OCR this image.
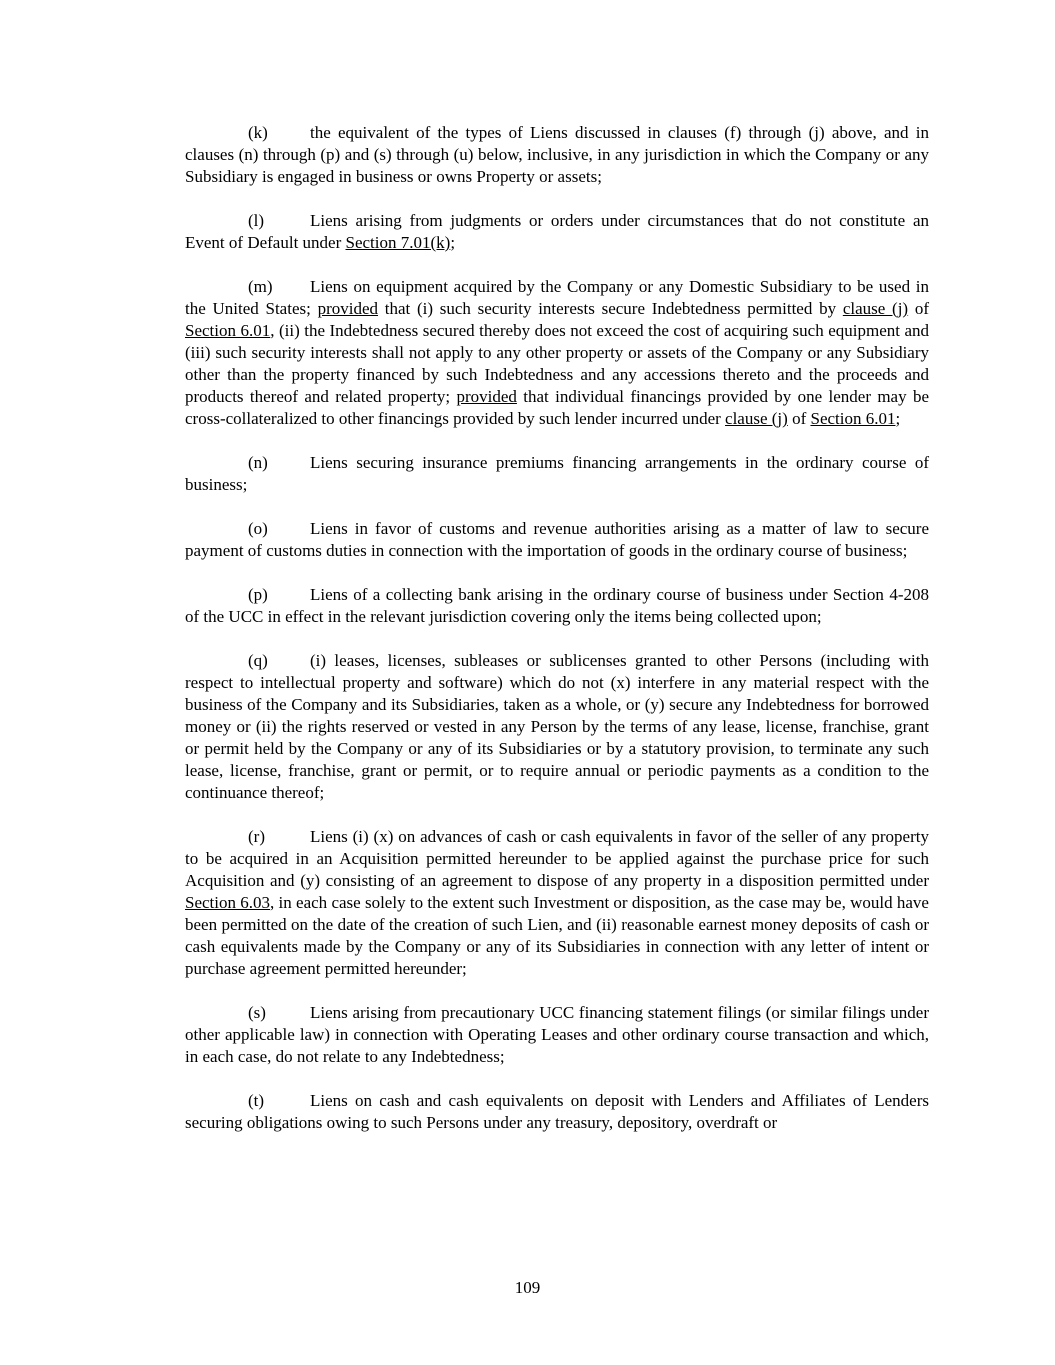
(k) the equivalent of the types of Liens discussed in clauses (f) through (j) above, and in clauses (n) through (p) and (s) through (u) below, inclusive, in any jurisdiction in which the Company or any Subsidiary is engaged in business or owns Property or assets;

(l)	Liens arising from judgments or orders under circumstances that do not constitute an Event of Default under Section 7.01(k);

(m) Liens on equipment acquired by the Company or any Domestic Subsidiary to be used in the United States; provided that (i) such security interests secure Indebtedness permitted by clause (j) of Section 6.01, (ii) the Indebtedness secured thereby does not exceed the cost of acquiring such equipment and (iii) such security interests shall not apply to any other property or assets of the Company or any Subsidiary other than the property financed by such Indebtedness and any accessions thereto and the proceeds and products thereof and related property; provided that individual financings provided by one lender may be cross-collateralized to other financings provided by such lender incurred under clause (j) of Section 6.01;

(n) Liens securing insurance premiums financing arrangements in the ordinary course of business;

(o) Liens in favor of customs and revenue authorities arising as a matter of law to secure payment of customs duties in connection with the importation of goods in the ordinary course of business;

(p) Liens of a collecting bank arising in the ordinary course of business under Section 4-208 of the UCC in effect in the relevant jurisdiction covering only the items being collected upon;

(q) (i) leases, licenses, subleases or sublicenses granted to other Persons (including with respect to intellectual property and software) which do not (x) interfere in any material respect with the business of the Company and its Subsidiaries, taken as a whole, or (y) secure any Indebtedness for borrowed money or (ii) the rights reserved or vested in any Person by the terms of any lease, license, franchise, grant or permit held by the Company or any of its Subsidiaries or by a statutory provision, to terminate any such lease, license, franchise, grant or permit, or to require annual or periodic payments as a condition to the continuance thereof;

(r)	Liens (i) (x) on advances of cash or cash equivalents in favor of the seller of any property to be acquired in an Acquisition permitted hereunder to be applied against the purchase price for such Acquisition and (y) consisting of an agreement to dispose of any property in a disposition permitted under Section 6.03, in each case solely to the extent such Investment or disposition, as the case may be, would have been permitted on the date of the creation of such Lien, and (ii) reasonable earnest money deposits of cash or cash equivalents made by the Company or any of its Subsidiaries in connection with any letter of intent or purchase agreement permitted hereunder;

(s)	Liens arising from precautionary UCC financing statement filings (or similar filings under other applicable law) in connection with Operating Leases and other ordinary course transaction and which, in each case, do not relate to any Indebtedness;

(t)	Liens on cash and cash equivalents on deposit with Lenders and Affiliates of Lenders securing obligations owing to such Persons under any treasury, depository, overdraft or

109
